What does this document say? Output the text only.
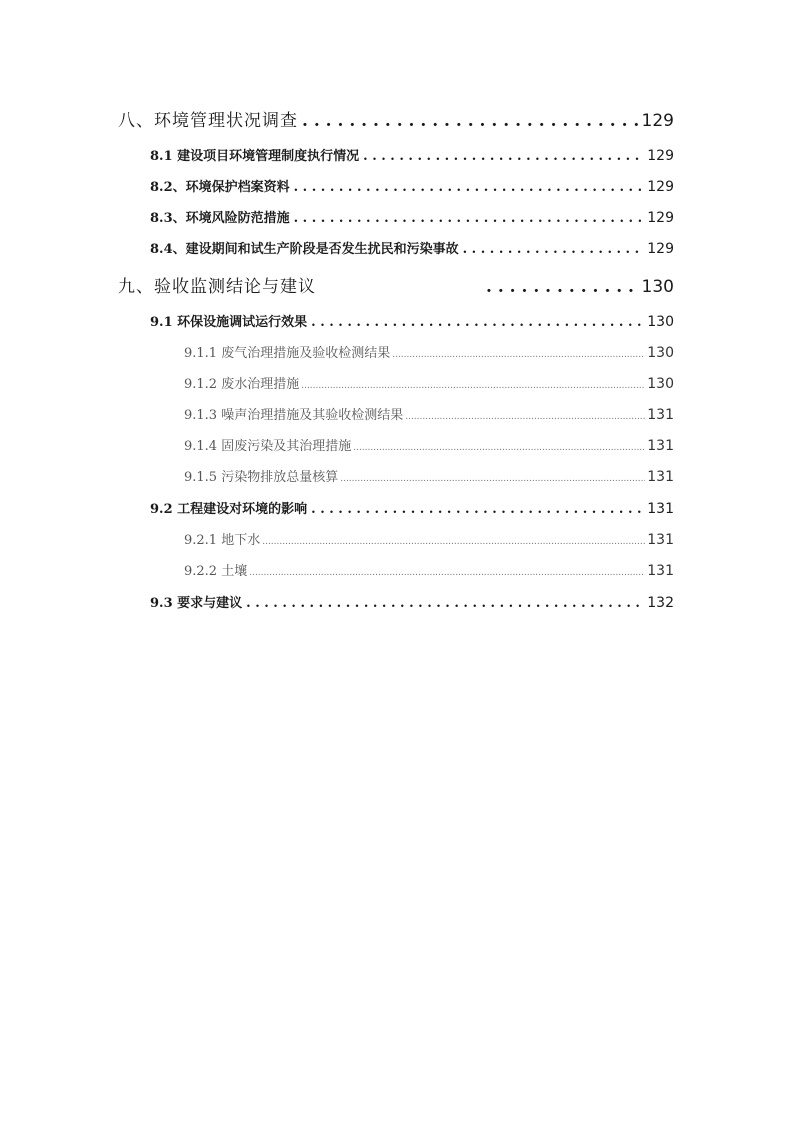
八、环境管理状况调查 . . .	129
8.1 建设项目环境管理制度执行情况 . . .	129
8.2、环境保护档案资料 . . .	129
8.3、环境风险防范措施 . . .	129
8.4、建设期间和试生产阶段是否发生扰民和污染事故 . . .	129
九、验收监测结论与建议 . . .	130
9.1 环保设施调试运行效果 . . .	130
9.1.1 废气治理措施及验收检测结果 .....	130
9.1.2 废水治理措施 .....	130
9.1.3 噪声治理措施及其验收检测结果 .....	131
9.1.4 固废污染及其治理措施 .....	131
9.1.5 污染物排放总量核算 .....	131
9.2 工程建设对环境的影响 . . .	131
9.2.1 地下水 .....	131
9.2.2 土壤 .....	131
9.3 要求与建议 . . .	132
